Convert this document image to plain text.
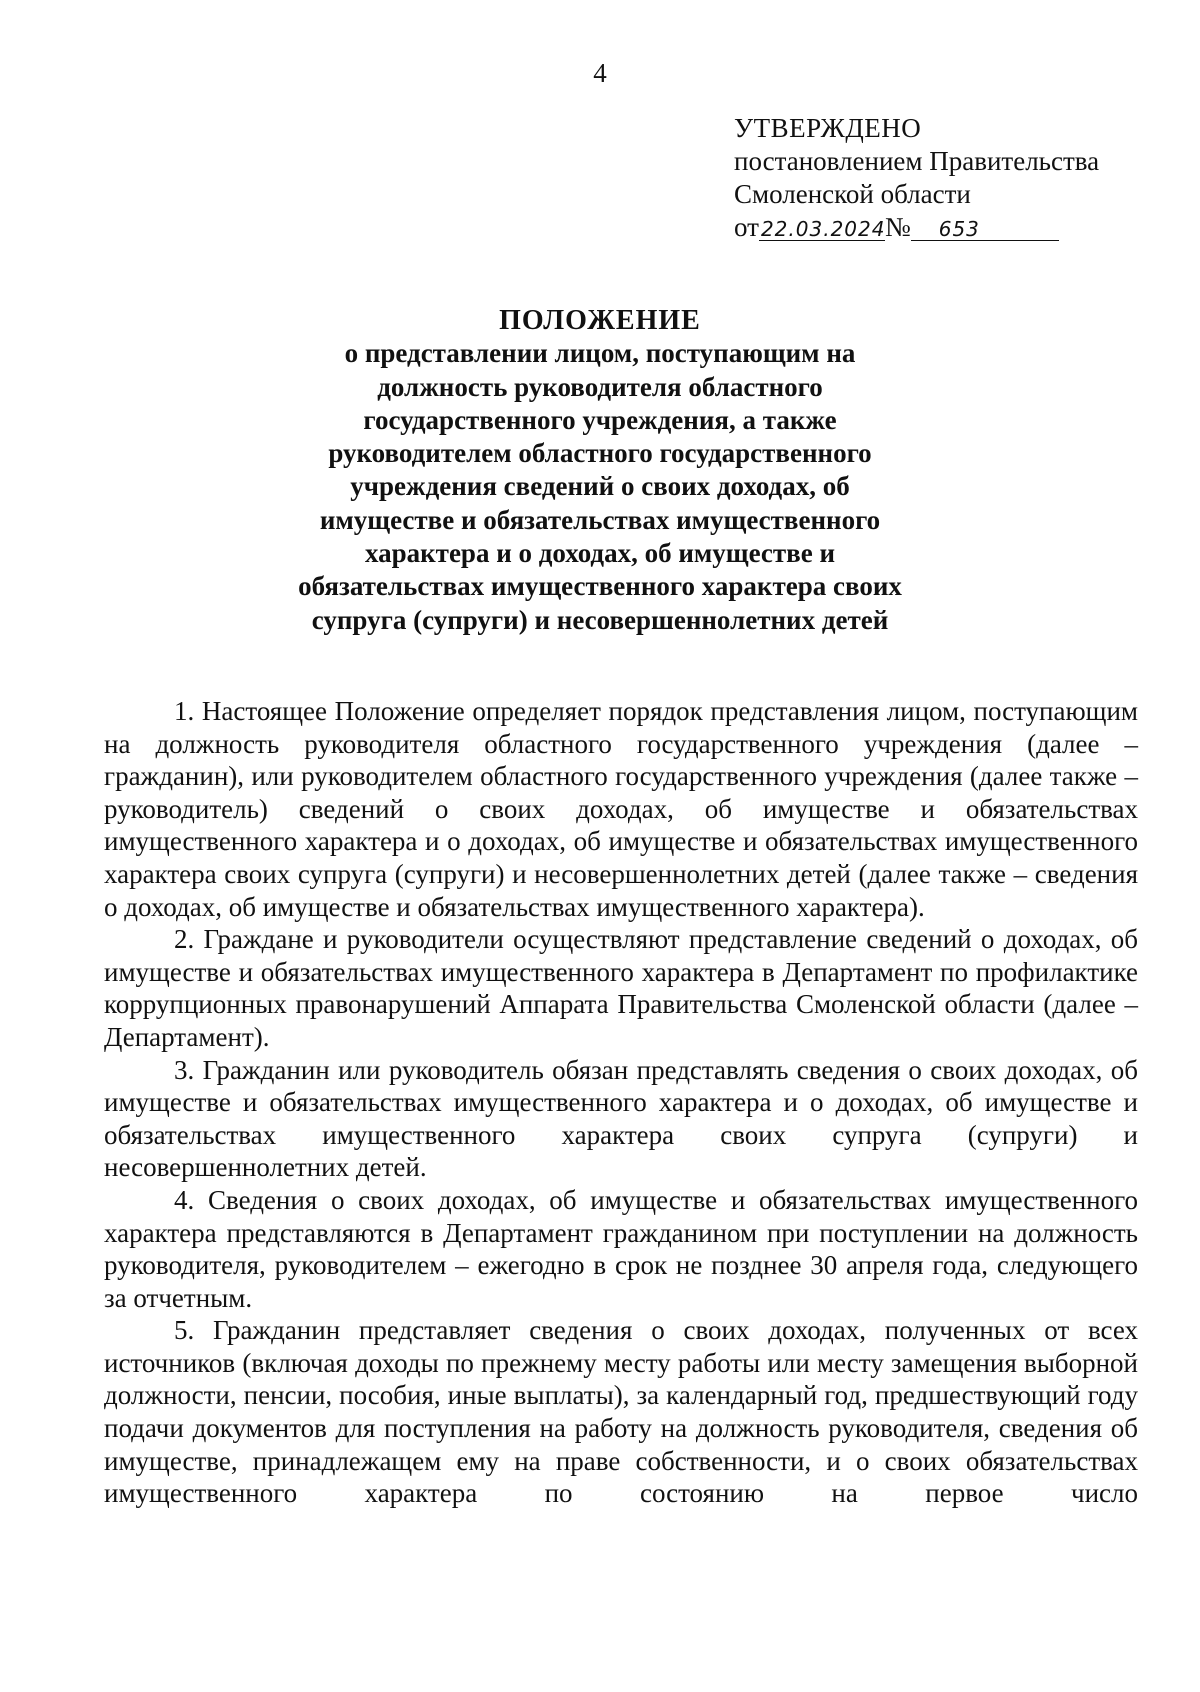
4
УТВЕРЖДЕНО
постановлением Правительства
Смоленской области
от 22.03.2024№ 653
ПОЛОЖЕНИЕ
о представлении лицом, поступающим на
должность руководителя областного
государственного учреждения, а также
руководителем областного государственного
учреждения сведений о своих доходах, об
имуществе и обязательствах имущественного
характера и о доходах, об имуществе и
обязательствах имущественного характера своих
супруга (супруги) и несовершеннолетних детей

1. Настоящее Положение определяет порядок представления лицом, поступающим на должность руководителя областного государственного учреждения (далее – гражданин), или руководителем областного государственного учреждения (далее также – руководитель) сведений о своих доходах, об имуществе и обязательствах имущественного характера и о доходах, об имуществе и обязательствах имущественного характера своих супруга (супруги) и несовершеннолетних детей (далее также – сведения о доходах, об имуществе и обязательствах имущественного характера).

2. Граждане и руководители осуществляют представление сведений о доходах, об имуществе и обязательствах имущественного характера в Департамент по профилактике коррупционных правонарушений Аппарата Правительства Смоленской области (далее – Департамент).

3. Гражданин или руководитель обязан представлять сведения о своих доходах, об имуществе и обязательствах имущественного характера и о доходах, об имуществе и обязательствах имущественного характера своих супруга (супруги) и несовершеннолетних детей.

4. Сведения о своих доходах, об имуществе и обязательствах имущественного характера представляются в Департамент гражданином при поступлении на должность руководителя, руководителем – ежегодно в срок не позднее 30 апреля года, следующего за отчетным.

5. Гражданин представляет сведения о своих доходах, полученных от всех источников (включая доходы по прежнему месту работы или месту замещения выборной должности, пенсии, пособия, иные выплаты), за календарный год, предшествующий году подачи документов для поступления на работу на должность руководителя, сведения об имуществе, принадлежащем ему на праве собственности, и о своих обязательствах имущественного характера по состоянию на первое число
